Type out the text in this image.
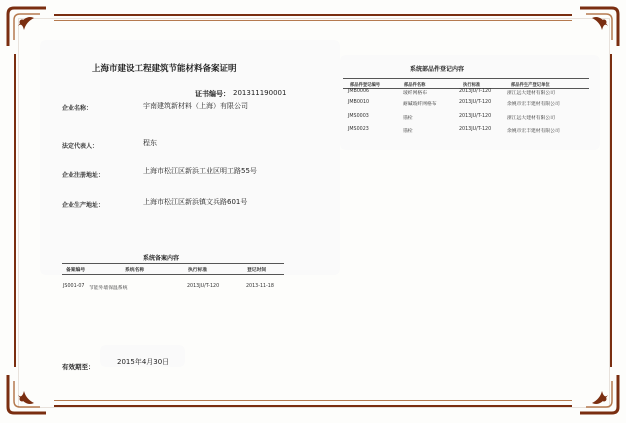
上海市建设工程建筑节能材料备案证明
证书编号： 201311190001
企业名称：	宇南建筑新材料（上海）有限公司
法定代表人：	程东
企业注册地址：
上海市松江区新浜工业区明工路55号
企业生产地址：	上海市松江区新浜镇文兵路601号
系统备案内容
备案编号	系统名称	执行标准	登记时间
JS001-07 节能外墙保温系统	2013JU/T-120	2013-11-18
系统部品件登记内容
部品件登记编号	部品件名称	执行标准	部品件生产登记单位
JMB0006	玻纤网格布	2013JU/T-120	浙江远大建材有限公司
JMB0010	耐碱玻纤网格布	2013JU/T-120	余姚市宏丰建材有限公司
JMS0003	锚栓	2013JU/T-120	浙江远大建材有限公司
JMS0023	锚栓	2013JU/T-120	余姚市宏丰建材有限公司
有效期至：
2015年4月30日
